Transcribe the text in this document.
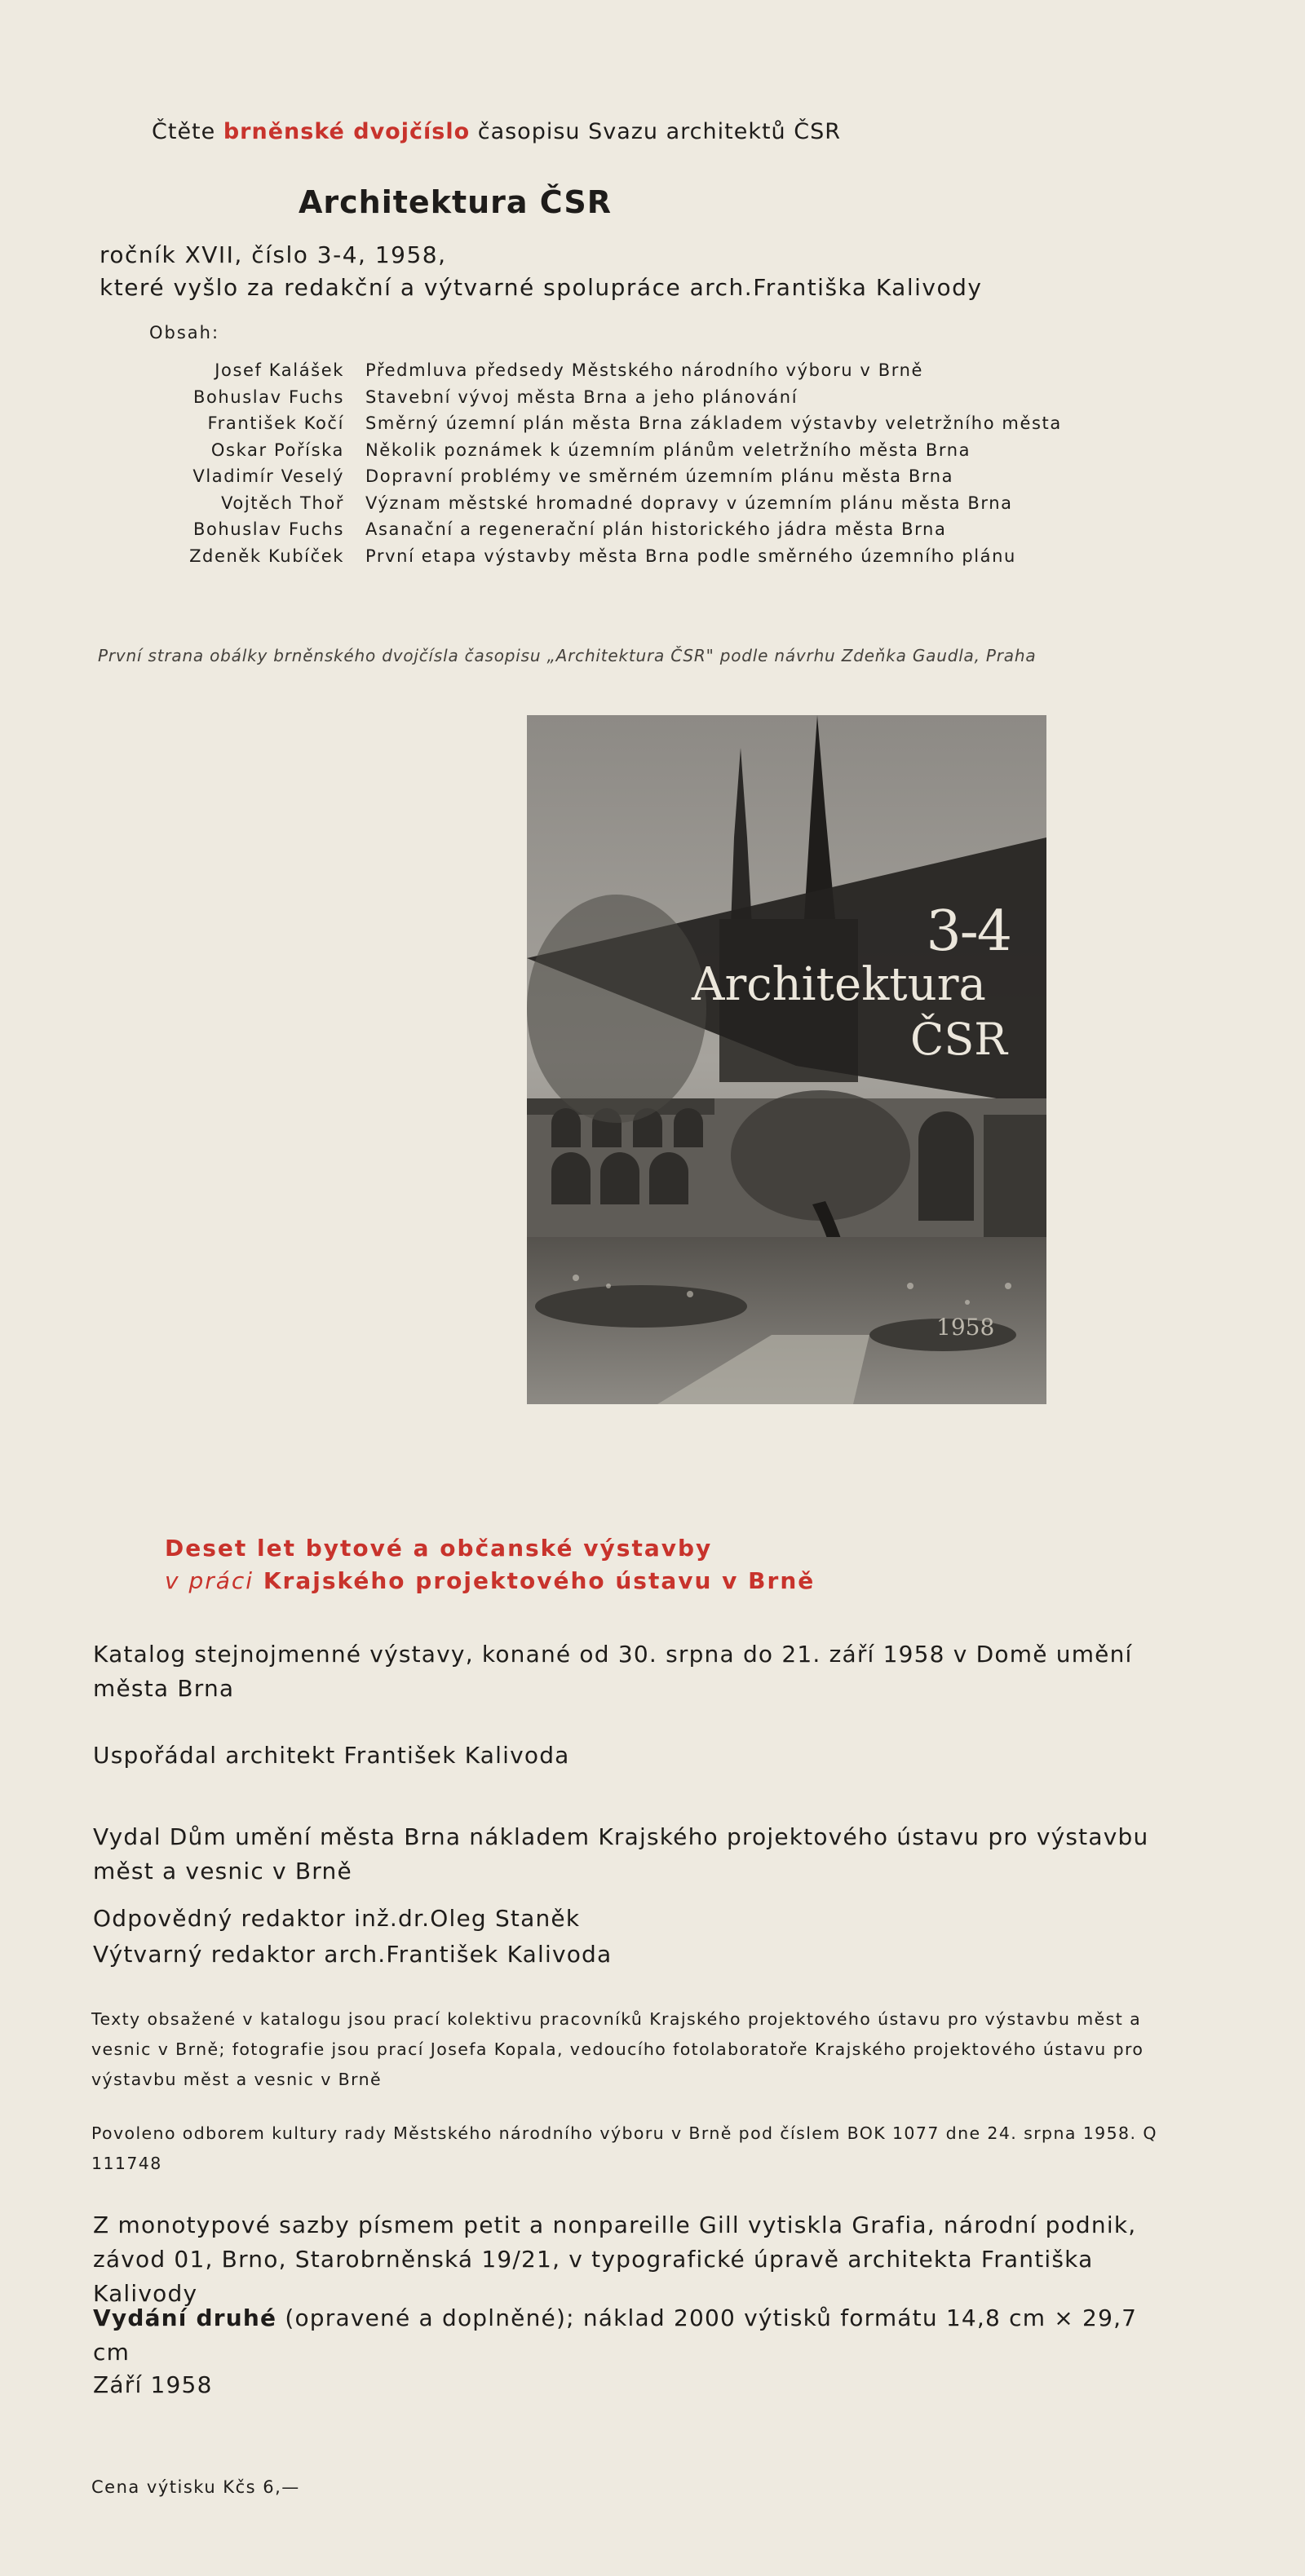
Čtěte brněnské dvojčíslo časopisu Svazu architektů ČSR
Architektura ČSR
ročník XVII, číslo 3-4, 1958,
které vyšlo za redakční a výtvarné spolupráce arch.Františka Kalivody
Obsah:
Josef Kalášek Předmluva předsedy Městského národního výboru v Brně
Bohuslav Fuchs Stavební vývoj města Brna a jeho plánování
František Kočí Směrný územní plán města Brna základem výstavby veletržního města
Oskar Poříska Několik poznámek k územním plánům veletržního města Brna
Vladimír Veselý Dopravní problémy ve směrném územním plánu města Brna
Vojtěch Thoř Význam městské hromadné dopravy v územním plánu města Brna
Bohuslav Fuchs Asanační a regenerační plán historického jádra města Brna
Zdeněk Kubíček První etapa výstavby města Brna podle směrného územního plánu
První strana obálky brněnského dvojčísla časopisu „Architektura ČSR" podle návrhu Zdeňka Gaudla, Praha
3-4
Architektura
ČSR
1958
Deset let bytové a občanské výstavby
v práci Krajského projektového ústavu v Brně
Katalog stejnojmenné výstavy, konané od 30. srpna do 21. září 1958 v Domě umění města Brna
Uspořádal architekt František Kalivoda
Vydal Dům umění města Brna nákladem Krajského projektového ústavu pro výstavbu měst a vesnic v Brně
Odpovědný redaktor inž.dr.Oleg Staněk
Výtvarný redaktor arch.František Kalivoda
Texty obsažené v katalogu jsou prací kolektivu pracovníků Krajského projektového ústavu pro výstavbu měst a vesnic v Brně; fotografie jsou prací Josefa Kopala, vedoucího fotolaboratoře Krajského projektového ústavu pro výstavbu měst a vesnic v Brně
Povoleno odborem kultury rady Městského národního výboru v Brně pod číslem BOK 1077 dne 24. srpna 1958. Q 111748
Z monotypové sazby písmem petit a nonpareille Gill vytiskla Grafia, národní podnik, závod 01, Brno, Starobrněnská 19/21, v typografické úpravě architekta Františka Kalivody
Vydání druhé (opravené a doplněné); náklad 2000 výtisků formátu 14,8 cm × 29,7 cm
Září 1958
Cena výtisku Kčs 6,—
